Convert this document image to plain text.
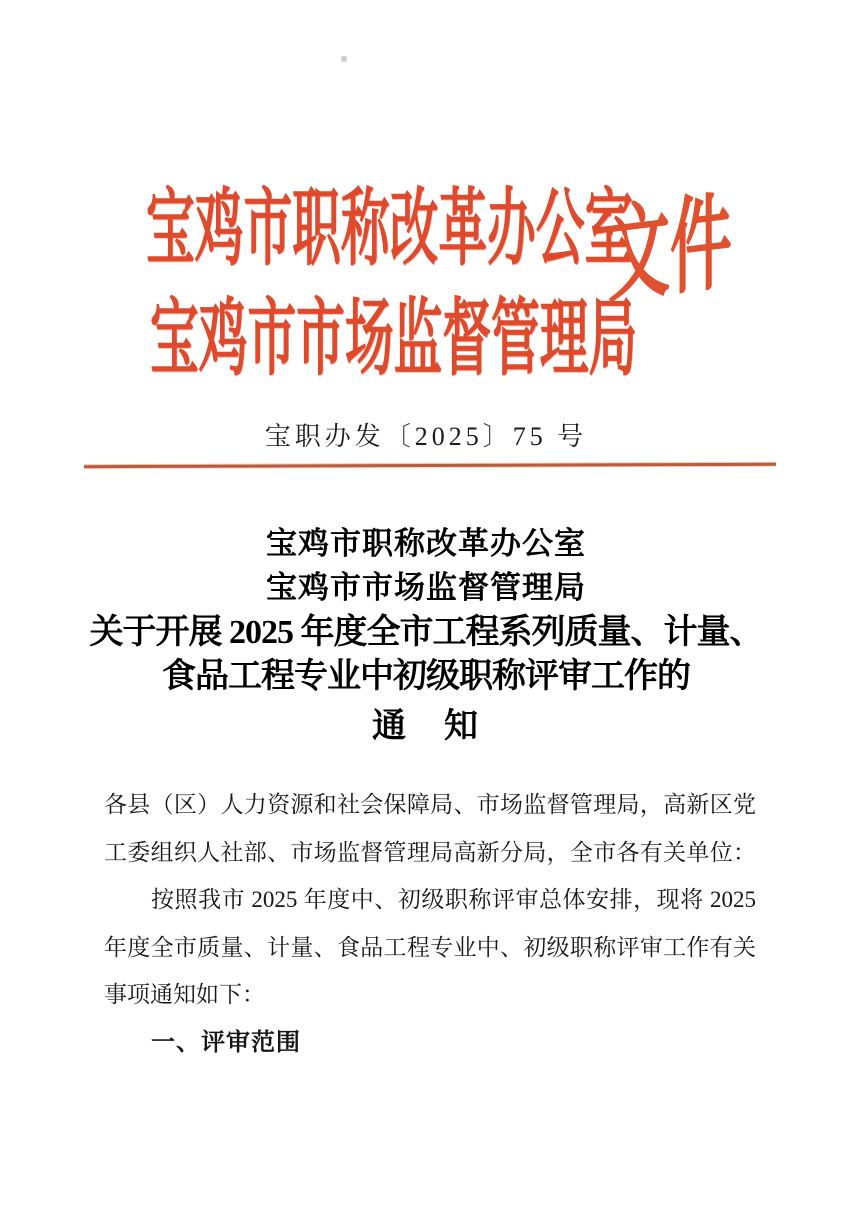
宝鸡市职称改革办公室
宝鸡市市场监督管理局
文件
宝职办发〔2025〕75 号
宝鸡市职称改革办公室
宝鸡市市场监督管理局
关于开展 2025 年度全市工程系列质量、计量、
食品工程专业中初级职称评审工作的
通　知
各县（区）人力资源和社会保障局、市场监督管理局，高新区党
工委组织人社部、市场监督管理局高新分局，全市各有关单位：
按照我市 2025 年度中、初级职称评审总体安排，现将 2025
年度全市质量、计量、食品工程专业中、初级职称评审工作有关
事项通知如下：
一、评审范围
